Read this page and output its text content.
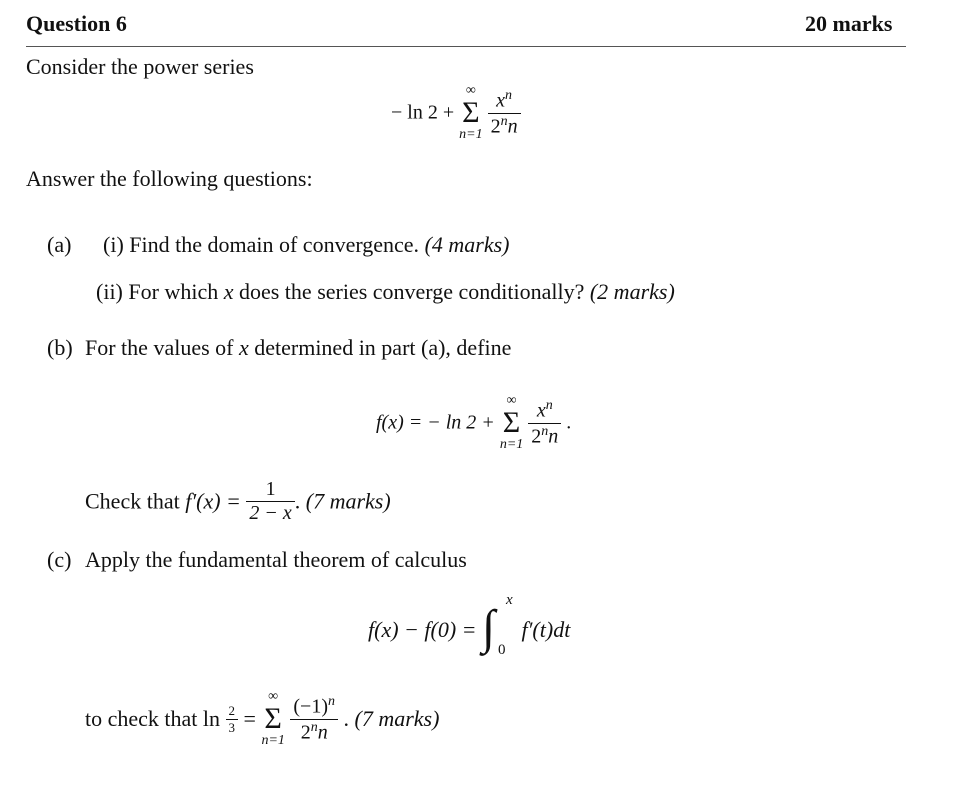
Question 6	20 marks
Consider the power series
− ln 2 +
∞
Σ
n=1
$\frac{x^n}{2^nn}$
Answer the following questions:
(a) (i) Find the domain of convergence. (4 marks)
(ii) For which x does the series converge conditionally? (2 marks)
(b) For the values of x determined in part (a), define
f(x) = − ln 2 +
∞
Σ
n=1
$\frac{x^n}{2^nn}$ .
Check that $f'(x) = \frac{1}{2 - x}$ . (7 marks)
(c) Apply the fundamental theorem of calculus
f(x) − f(0) = ∫
x
0
f′(t)dt
to check that $\ln \frac{2}{3}$ =
∞
Σ
n=1
$\frac{(-1)^n}{2^nn}$ . (7 marks)
